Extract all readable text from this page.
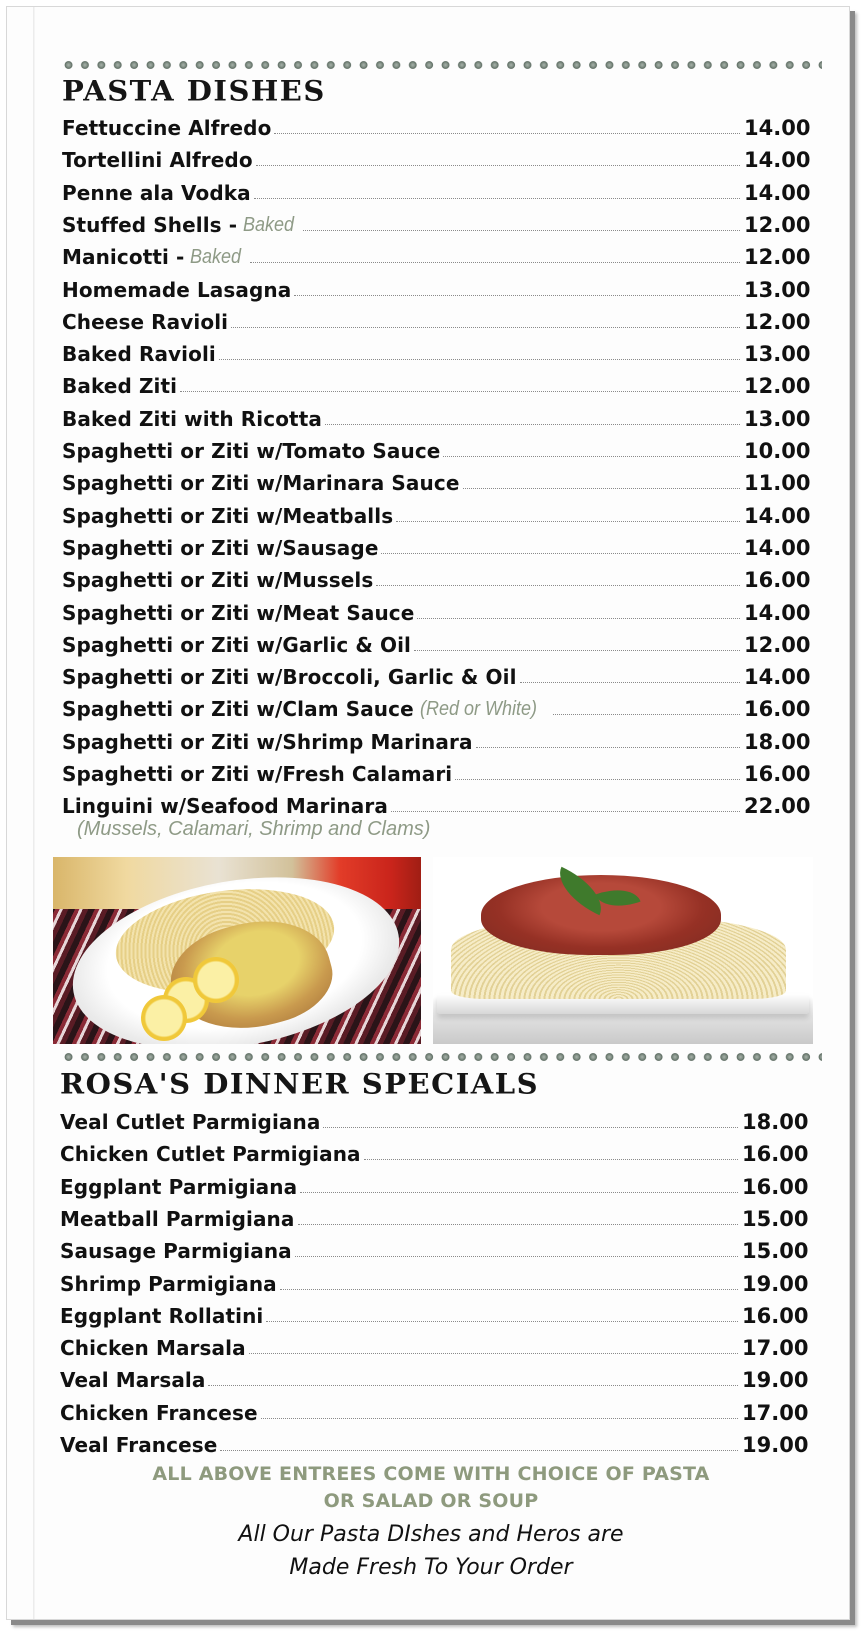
PASTA DISHES
Fettuccine Alfredo	14.00
Tortellini Alfredo	14.00
Penne ala Vodka	14.00
Stuffed Shells - Baked	12.00
Manicotti - Baked	12.00
Homemade Lasagna	13.00
Cheese Ravioli	12.00
Baked Ravioli	13.00
Baked Ziti	12.00
Baked Ziti with Ricotta	13.00
Spaghetti or Ziti w/Tomato Sauce	10.00
Spaghetti or Ziti w/Marinara Sauce	11.00
Spaghetti or Ziti w/Meatballs	14.00
Spaghetti or Ziti w/Sausage	14.00
Spaghetti or Ziti w/Mussels	16.00
Spaghetti or Ziti w/Meat Sauce	14.00
Spaghetti or Ziti w/Garlic & Oil	12.00
Spaghetti or Ziti w/Broccoli, Garlic & Oil	14.00
Spaghetti or Ziti w/Clam Sauce (Red or White)	16.00
Spaghetti or Ziti w/Shrimp Marinara	18.00
Spaghetti or Ziti w/Fresh Calamari	16.00
Linguini w/Seafood Marinara	22.00
(Mussels, Calamari, Shrimp and Clams)
ROSA'S DINNER SPECIALS
Veal Cutlet Parmigiana	18.00
Chicken Cutlet Parmigiana	16.00
Eggplant Parmigiana	16.00
Meatball Parmigiana	15.00
Sausage Parmigiana	15.00
Shrimp Parmigiana	19.00
Eggplant Rollatini	16.00
Chicken Marsala	17.00
Veal Marsala	19.00
Chicken Francese	17.00
Veal Francese	19.00
ALL ABOVE ENTREES COME WITH CHOICE OF PASTA
OR SALAD OR SOUP
All Our Pasta DIshes and Heros are
Made Fresh To Your Order
